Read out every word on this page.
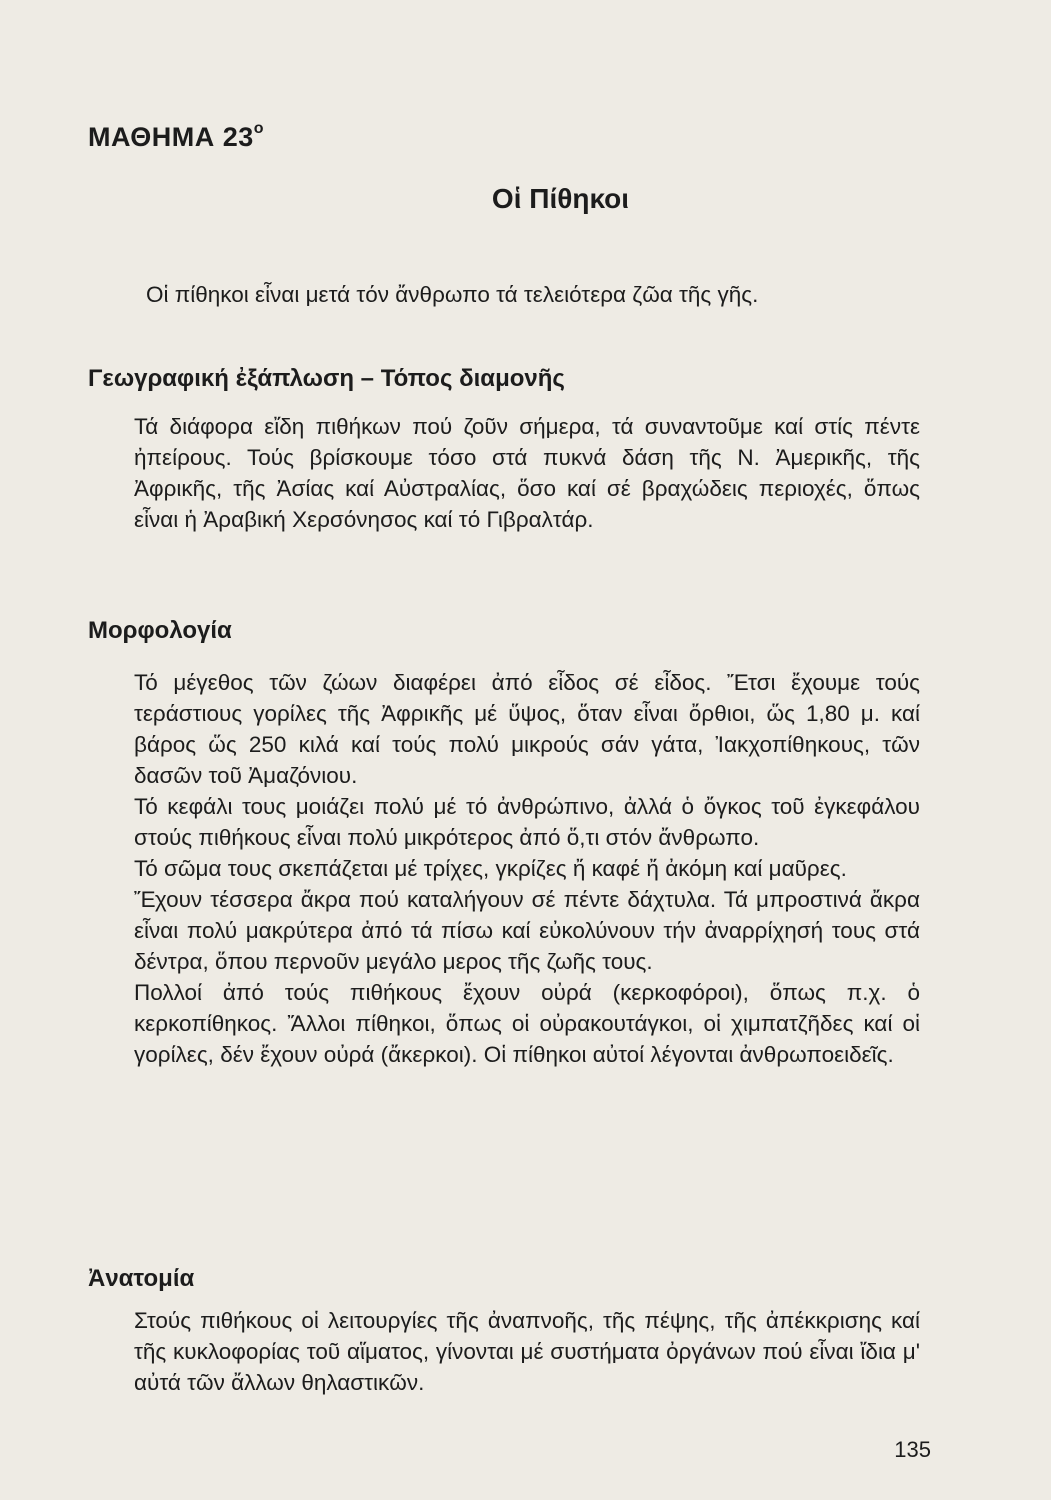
ΜΑΘΗΜΑ $23^o$
Οἱ Πίθηκοι
Οἱ πίθηκοι εἶναι μετά τόν ἄνθρωπο τά τελειότερα ζῶα τῆς γῆς.
Γεωγραφική ἐξάπλωση – Τόπος διαμονῆς

Τά διάφορα εἴδη πιθήκων πού ζοῦν σήμερα, τά συναντοῦμε καί στίς πέντε ἠπείρους. Τούς βρίσκουμε τόσο στά πυκνά δάση τῆς Ν. Ἀμερικῆς, τῆς Ἀφρικῆς, τῆς Ἀσίας καί Αὐστραλίας, ὅσο καί σέ βραχώδεις περιοχές, ὅπως εἶναι ἡ Ἀραβική Χερσόνησος καί τό Γιβραλτάρ.

Μορφολογία

Τό μέγεθος τῶν ζώων διαφέρει ἀπό εἶδος σέ εἶδος. Ἔτσι ἔχουμε τούς τεράστιους γορίλες τῆς Ἀφρικῆς μέ ὕψος, ὅταν εἶναι ὄρθιοι, ὥς 1,80 μ. καί βάρος ὥς 250 κιλά καί τούς πολύ μικρούς σάν γάτα, Ἰακχοπίθηκους, τῶν δασῶν τοῦ Ἀμαζόνιου.

Τό κεφάλι τους μοιάζει πολύ μέ τό ἀνθρώπινο, ἀλλά ὁ ὄγκος τοῦ ἐγκεφάλου στούς πιθήκους εἶναι πολύ μικρότερος ἀπό ὅ,τι στόν ἄνθρωπο.

Τό σῶμα τους σκεπάζεται μέ τρίχες, γκρίζες ἤ καφέ ἤ ἀκόμη καί μαῦρες.

Ἔχουν τέσσερα ἄκρα πού καταλήγουν σέ πέντε δάχτυλα. Τά μπροστινά ἄκρα εἶναι πολύ μακρύτερα ἀπό τά πίσω καί εὐκολύνουν τήν ἀναρρίχησή τους στά δέντρα, ὅπου περνοῦν μεγάλο μερος τῆς ζωῆς τους.

Πολλοί ἀπό τούς πιθήκους ἔχουν οὐρά (κερκοφόροι), ὅπως π.χ. ὁ κερκοπίθηκος. Ἄλλοι πίθηκοι, ὅπως οἱ οὐρακουτάγκοι, οἱ χιμπατζῆδες καί οἱ γορίλες, δέν ἔχουν οὐρά (ἄκερκοι). Οἱ πίθηκοι αὐτοί λέγονται ἀνθρωποειδεῖς.

Ἀνατομία

Στούς πιθήκους οἱ λειτουργίες τῆς ἀναπνοῆς, τῆς πέψης, τῆς ἀπέκκρισης καί τῆς κυκλοφορίας τοῦ αἵματος, γίνονται μέ συστήματα ὀργάνων πού εἶναι ἴδια μ' αὐτά τῶν ἄλλων θηλαστικῶν.

135
